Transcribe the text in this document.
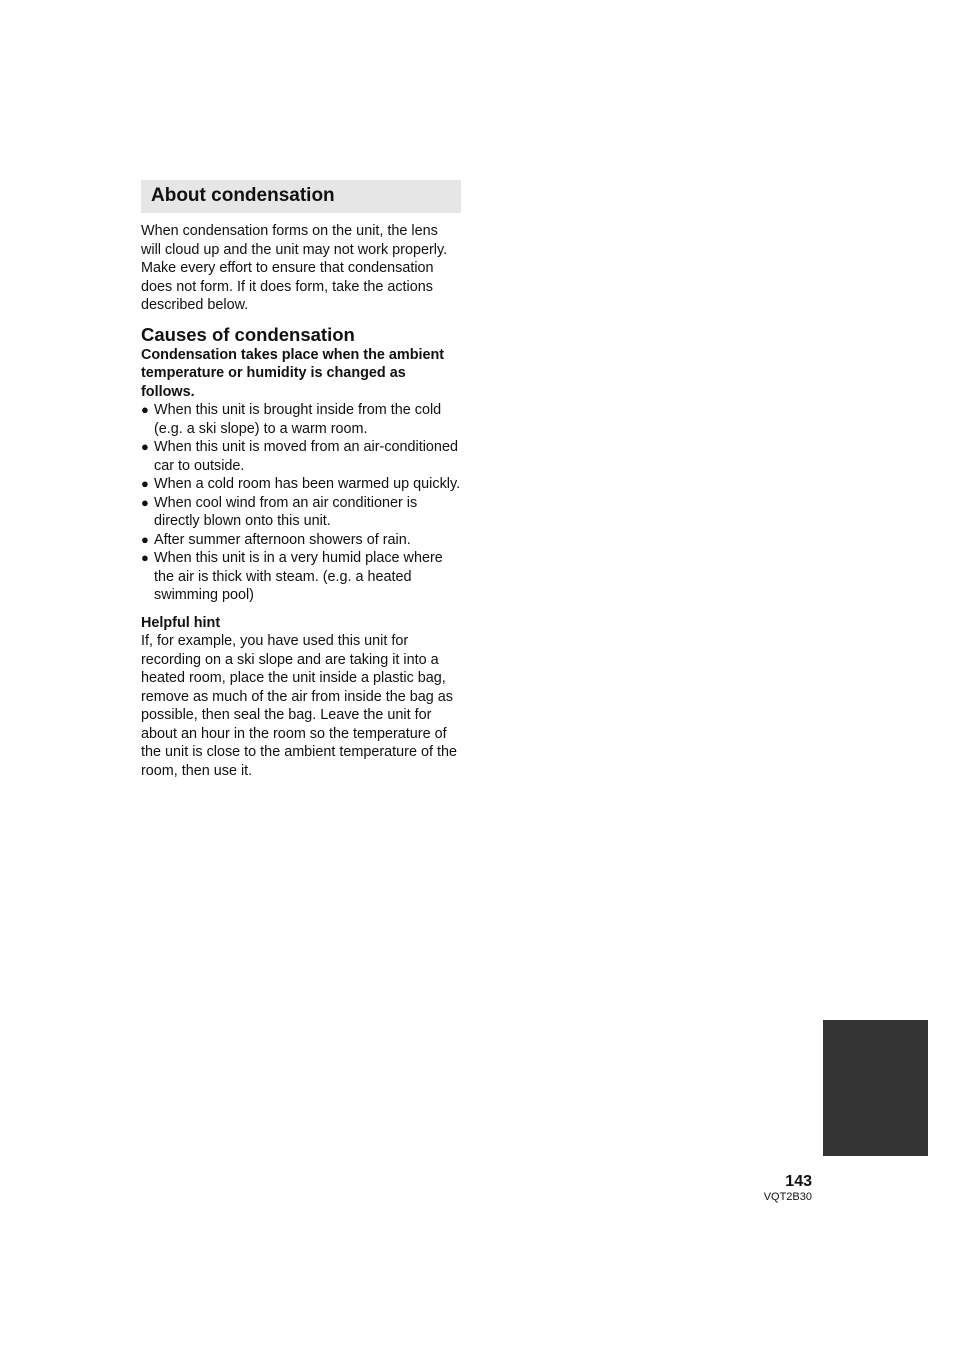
About condensation

When condensation forms on the unit, the lens will cloud up and the unit may not work properly. Make every effort to ensure that condensation does not form. If it does form, take the actions described below.

Causes of condensation

Condensation takes place when the ambient temperature or humidity is changed as follows.

● When this unit is brought inside from the cold (e.g. a ski slope) to a warm room.
● When this unit is moved from an air-conditioned car to outside.
● When a cold room has been warmed up quickly.
● When cool wind from an air conditioner is directly blown onto this unit.
● After summer afternoon showers of rain.
● When this unit is in a very humid place where the air is thick with steam. (e.g. a heated swimming pool)

Helpful hint

If, for example, you have used this unit for recording on a ski slope and are taking it into a heated room, place the unit inside a plastic bag, remove as much of the air from inside the bag as possible, then seal the bag. Leave the unit for about an hour in the room so the temperature of the unit is close to the ambient temperature of the room, then use it.

143
VQT2B30
